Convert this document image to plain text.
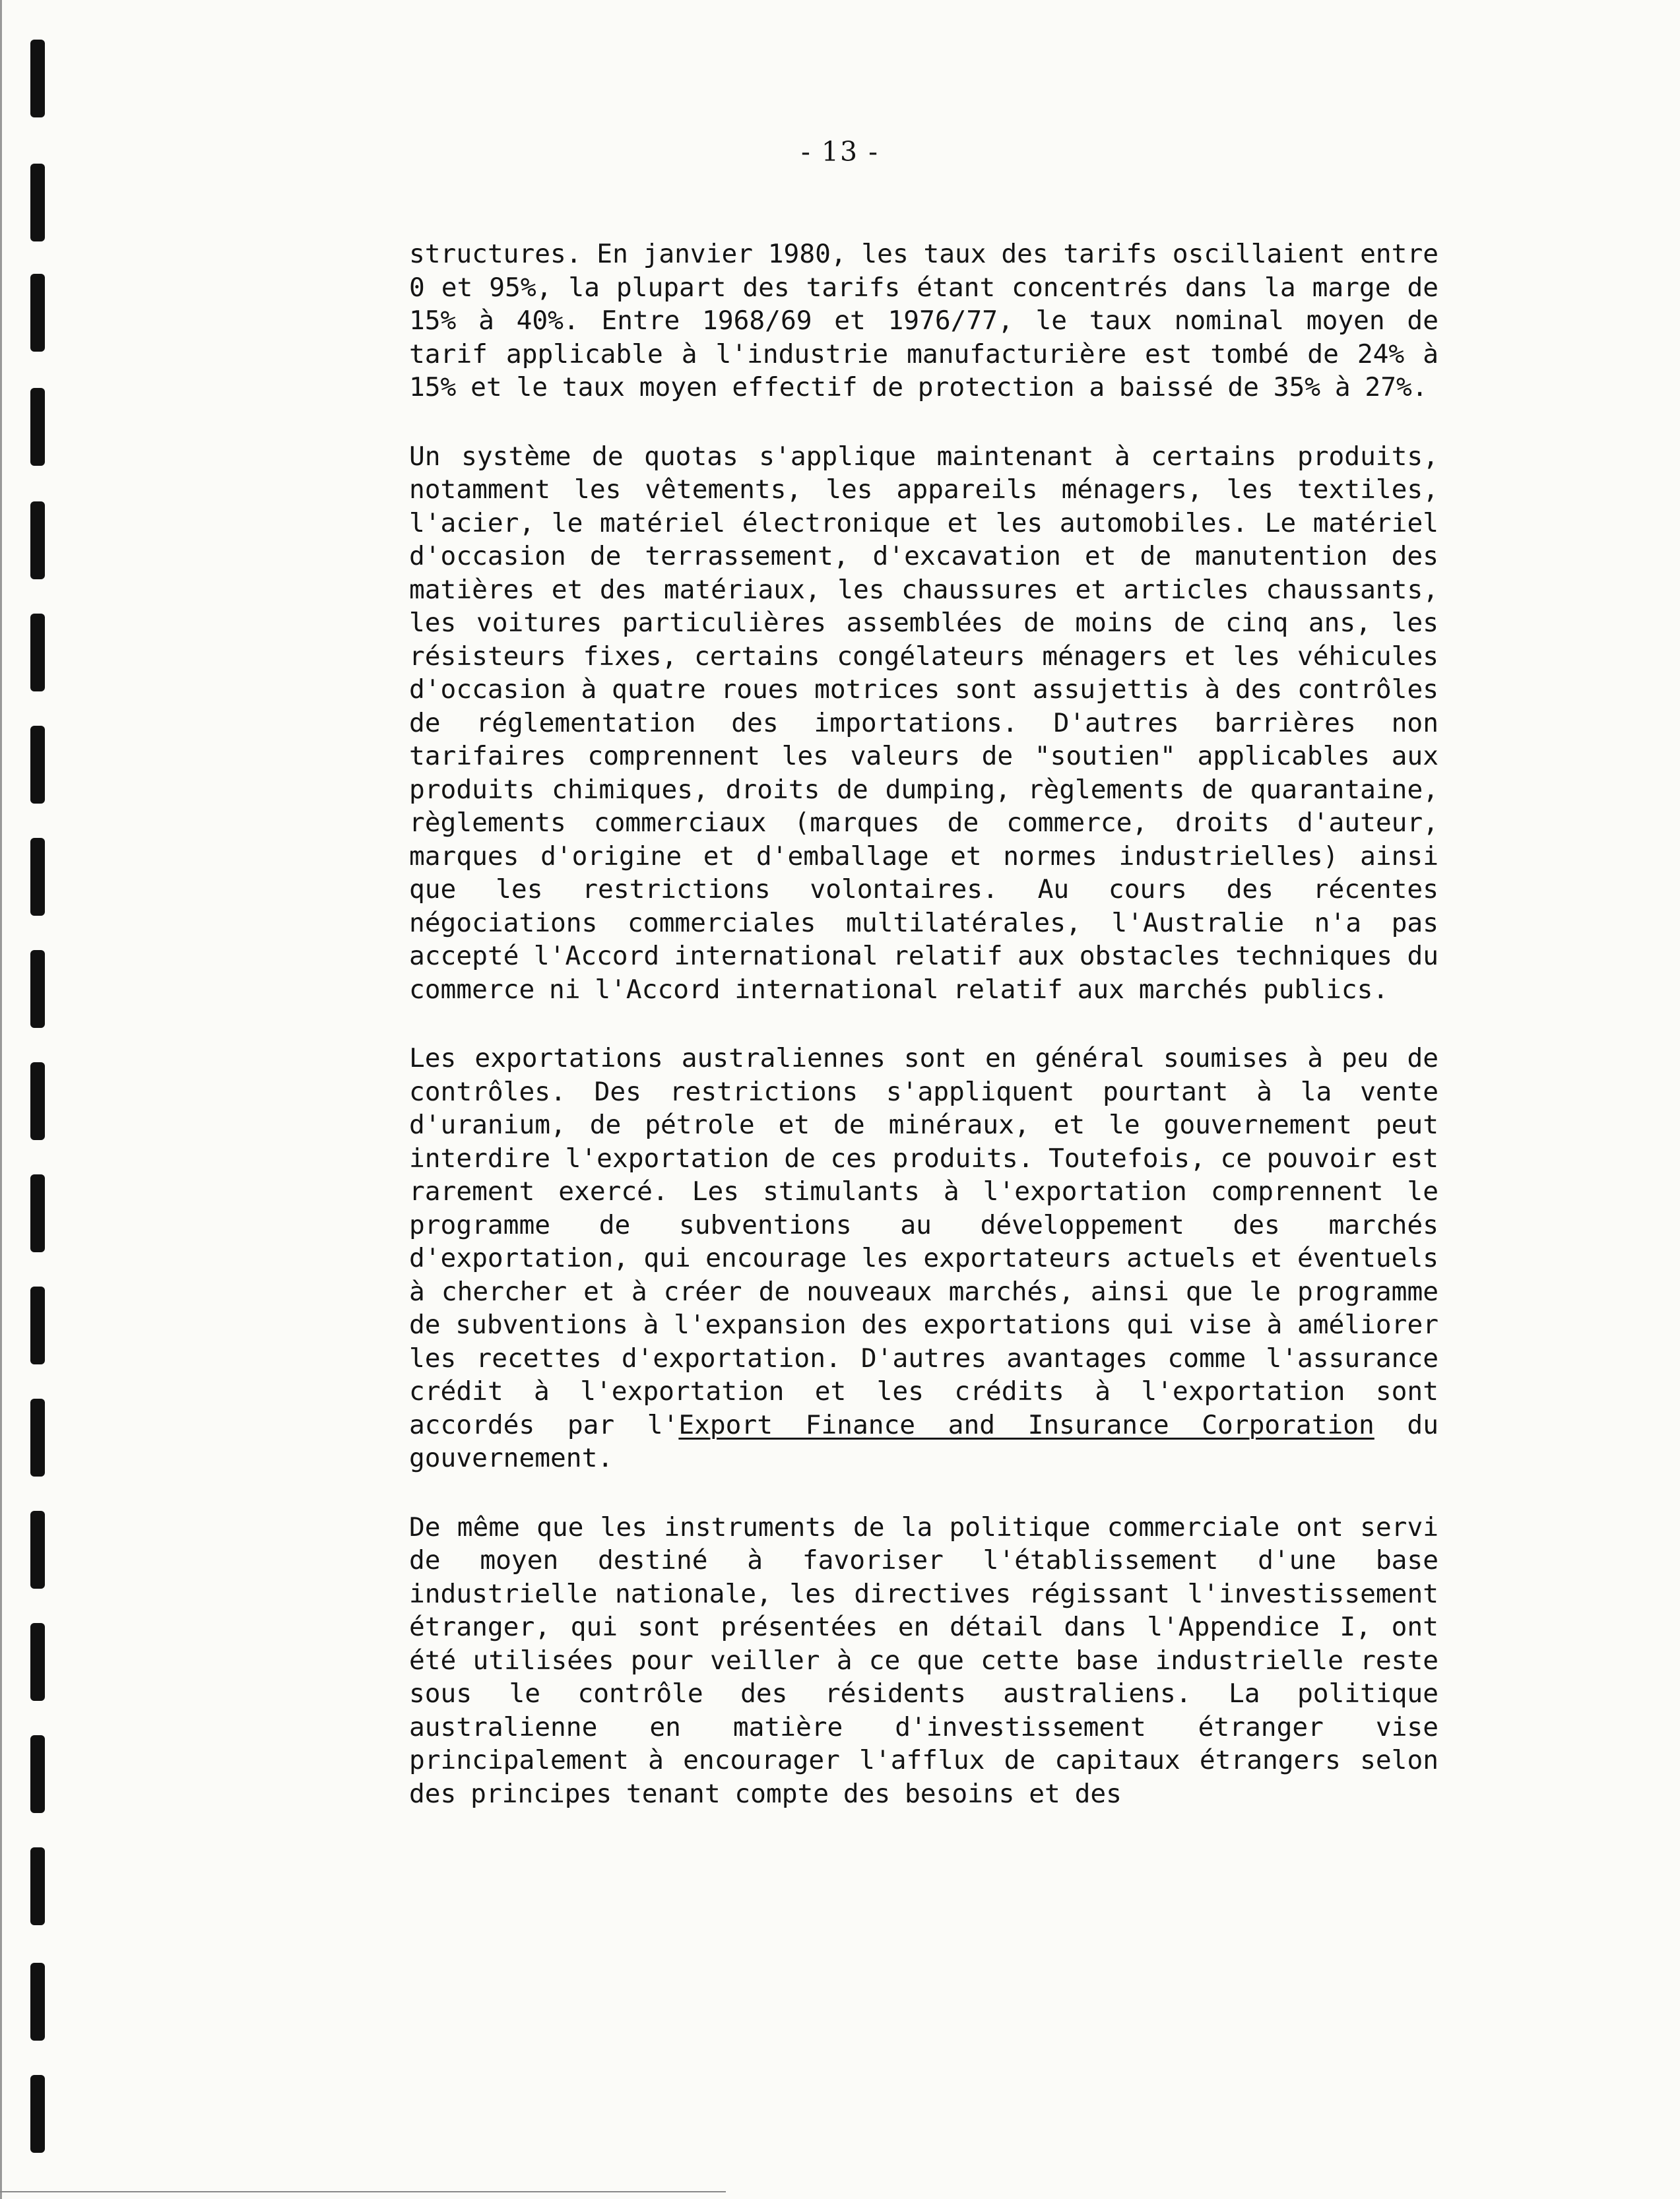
- 13 -

structures. En janvier 1980, les taux des tarifs oscillaient entre 0 et 95%, la plupart des tarifs étant concentrés dans la marge de 15% à 40%. Entre 1968/69 et 1976/77, le taux nominal moyen de tarif applicable à l'industrie manufacturière est tombé de 24% à 15% et le taux moyen effectif de protection a baissé de 35% à 27%.

Un système de quotas s'applique maintenant à certains produits, notamment les vêtements, les appareils ménagers, les textiles, l'acier, le matériel électronique et les automobiles. Le matériel d'occasion de terrassement, d'excavation et de manutention des matières et des matériaux, les chaussures et articles chaussants, les voitures particulières assemblées de moins de cinq ans, les résisteurs fixes, certains congélateurs ménagers et les véhicules d'occasion à quatre roues motrices sont assujettis à des contrôles de réglementation des importations. D'autres barrières non tarifaires comprennent les valeurs de "soutien" applicables aux produits chimiques, droits de dumping, règlements de quarantaine, règlements commerciaux (marques de commerce, droits d'auteur, marques d'origine et d'emballage et normes industrielles) ainsi que les restrictions volontaires. Au cours des récentes négociations commerciales multilatérales, l'Australie n'a pas accepté l'Accord international relatif aux obstacles techniques du commerce ni l'Accord international relatif aux marchés publics.

Les exportations australiennes sont en général soumises à peu de contrôles. Des restrictions s'appliquent pourtant à la vente d'uranium, de pétrole et de minéraux, et le gouvernement peut interdire l'exportation de ces produits. Toutefois, ce pouvoir est rarement exercé. Les stimulants à l'exportation comprennent le programme de subventions au développement des marchés d'exportation, qui encourage les exportateurs actuels et éventuels à chercher et à créer de nouveaux marchés, ainsi que le programme de subventions à l'expansion des exportations qui vise à améliorer les recettes d'exportation. D'autres avantages comme l'assurance crédit à l'exportation et les crédits à l'exportation sont accordés par l'Export Finance and Insurance Corporation du gouvernement.

De même que les instruments de la politique commerciale ont servi de moyen destiné à favoriser l'établissement d'une base industrielle nationale, les directives régissant l'investissement étranger, qui sont présentées en détail dans l'Appendice I, ont été utilisées pour veiller à ce que cette base industrielle reste sous le contrôle des résidents australiens. La politique australienne en matière d'investissement étranger vise principalement à encourager l'afflux de capitaux étrangers selon des principes tenant compte des besoins et des
